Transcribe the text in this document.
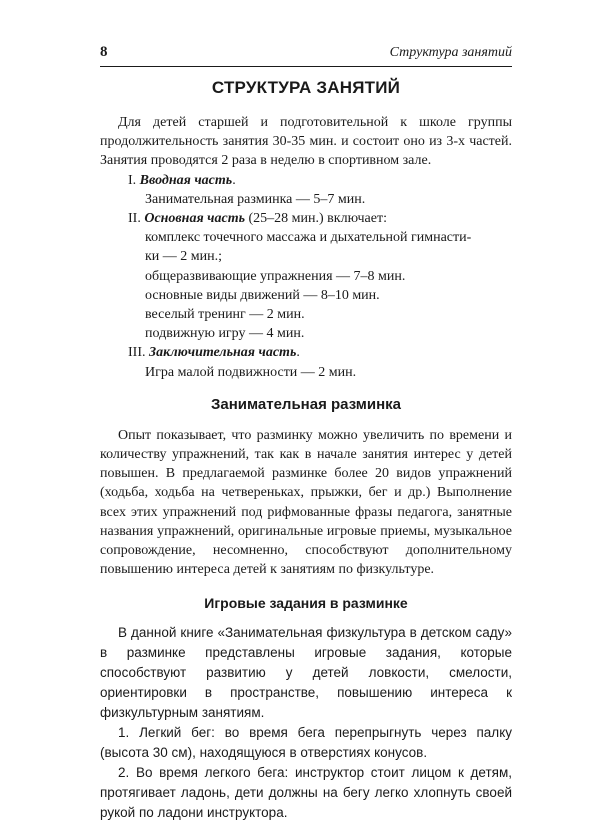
8	Структура занятий
СТРУКТУРА ЗАНЯТИЙ

Для детей старшей и подготовительной к школе группы продолжительность занятия 30-35 мин. и состоит оно из 3-х частей. Занятия проводятся 2 раза в неделю в спортивном зале.

I. Вводная часть.
Занимательная разминка — 5–7 мин.
II. Основная часть (25–28 мин.) включает:
комплекс точечного массажа и дыхательной гимнасти-
ки — 2 мин.;
общеразвивающие упражнения — 7–8 мин.
основные виды движений — 8–10 мин.
веселый тренинг — 2 мин.
подвижную игру — 4 мин.
III. Заключительная часть.
Игра малой подвижности — 2 мин.
Занимательная разминка

Опыт показывает, что разминку можно увеличить по времени и количеству упражнений, так как в начале занятия интерес у детей повышен. В предлагаемой разминке более 20 видов упражнений (ходьба, ходьба на четвереньках, прыжки, бег и др.) Выполнение всех этих упражнений под рифмованные фразы педагога, занятные названия упражнений, оригинальные игровые приемы, музыкальное сопровождение, несомненно, способствуют дополнительному повышению интереса детей к занятиям по физкультуре.

Игровые задания в разминке

В данной книге «Занимательная физкультура в детском саду» в разминке представлены игровые задания, которые способствуют развитию у детей ловкости, смелости, ориентировки в пространстве, повышению интереса к физкультурным занятиям.

1. Легкий бег: во время бега перепрыгнуть через палку (высота 30 см), находящуюся в отверстиях конусов.

2. Во время легкого бега: инструктор стоит лицом к детям, протягивает ладонь, дети должны на бегу легко хлопнуть своей рукой по ладони инструктора.
